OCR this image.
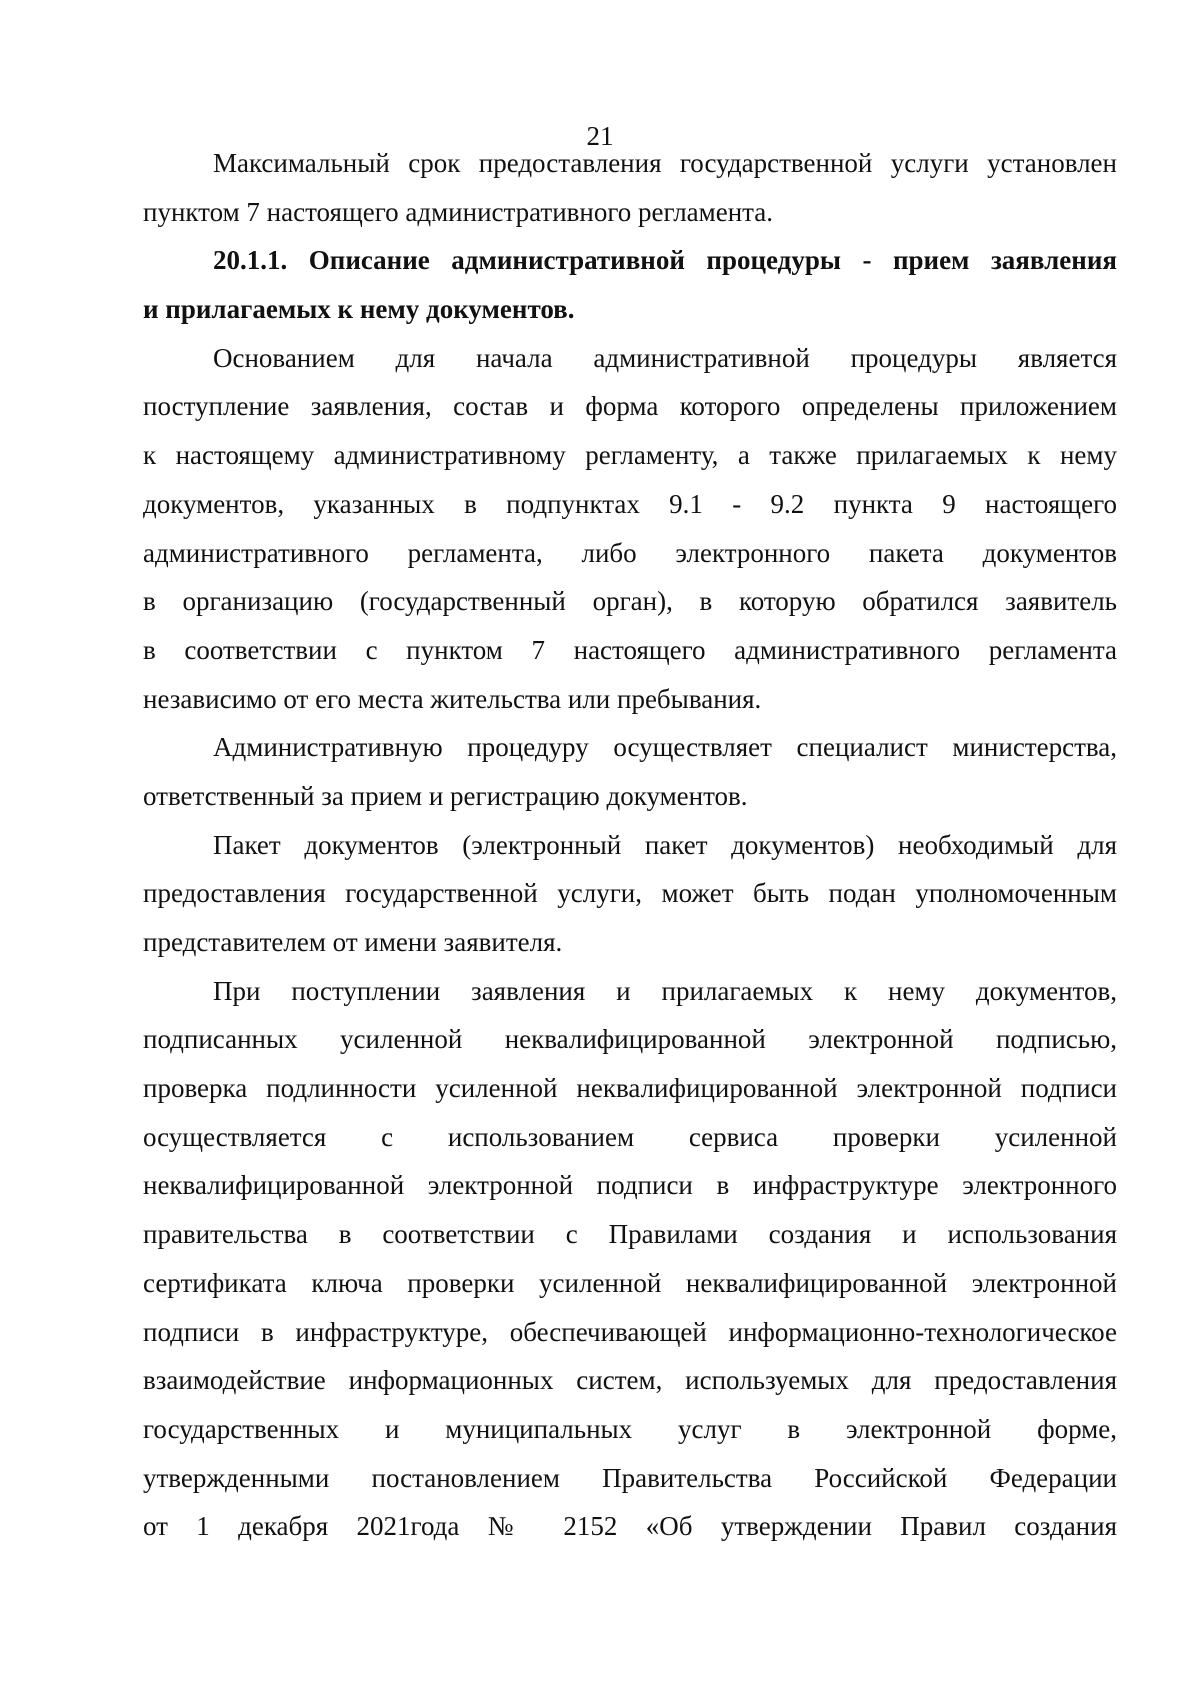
21
Максимальный срок предоставления государственной услуги установлен
пунктом 7 настоящего административного регламента.
20.1.1. Описание административной процедуры - прием заявления
и прилагаемых к нему документов.
Основанием для начала административной процедуры является
поступление заявления, состав и форма которого определены приложением
к настоящему административному регламенту, а также прилагаемых к нему
документов, указанных в подпунктах 9.1 - 9.2 пункта 9 настоящего
административного регламента, либо электронного пакета документов
в организацию (государственный орган), в которую обратился заявитель
в соответствии с пунктом 7 настоящего административного регламента
независимо от его места жительства или пребывания.
Административную процедуру осуществляет специалист министерства,
ответственный за прием и регистрацию документов.
Пакет документов (электронный пакет документов) необходимый для
предоставления государственной услуги, может быть подан уполномоченным
представителем от имени заявителя.
При поступлении заявления и прилагаемых к нему документов,
подписанных усиленной неквалифицированной электронной подписью,
проверка подлинности усиленной неквалифицированной электронной подписи
осуществляется с использованием сервиса проверки усиленной
неквалифицированной электронной подписи в инфраструктуре электронного
правительства в соответствии с Правилами создания и использования
сертификата ключа проверки усиленной неквалифицированной электронной
подписи в инфраструктуре, обеспечивающей информационно-технологическое
взаимодействие информационных систем, используемых для предоставления
государственных и муниципальных услуг в электронной форме,
утвержденными постановлением Правительства Российской Федерации
от 1 декабря 2021года № 2152 «Об утверждении Правил создания
